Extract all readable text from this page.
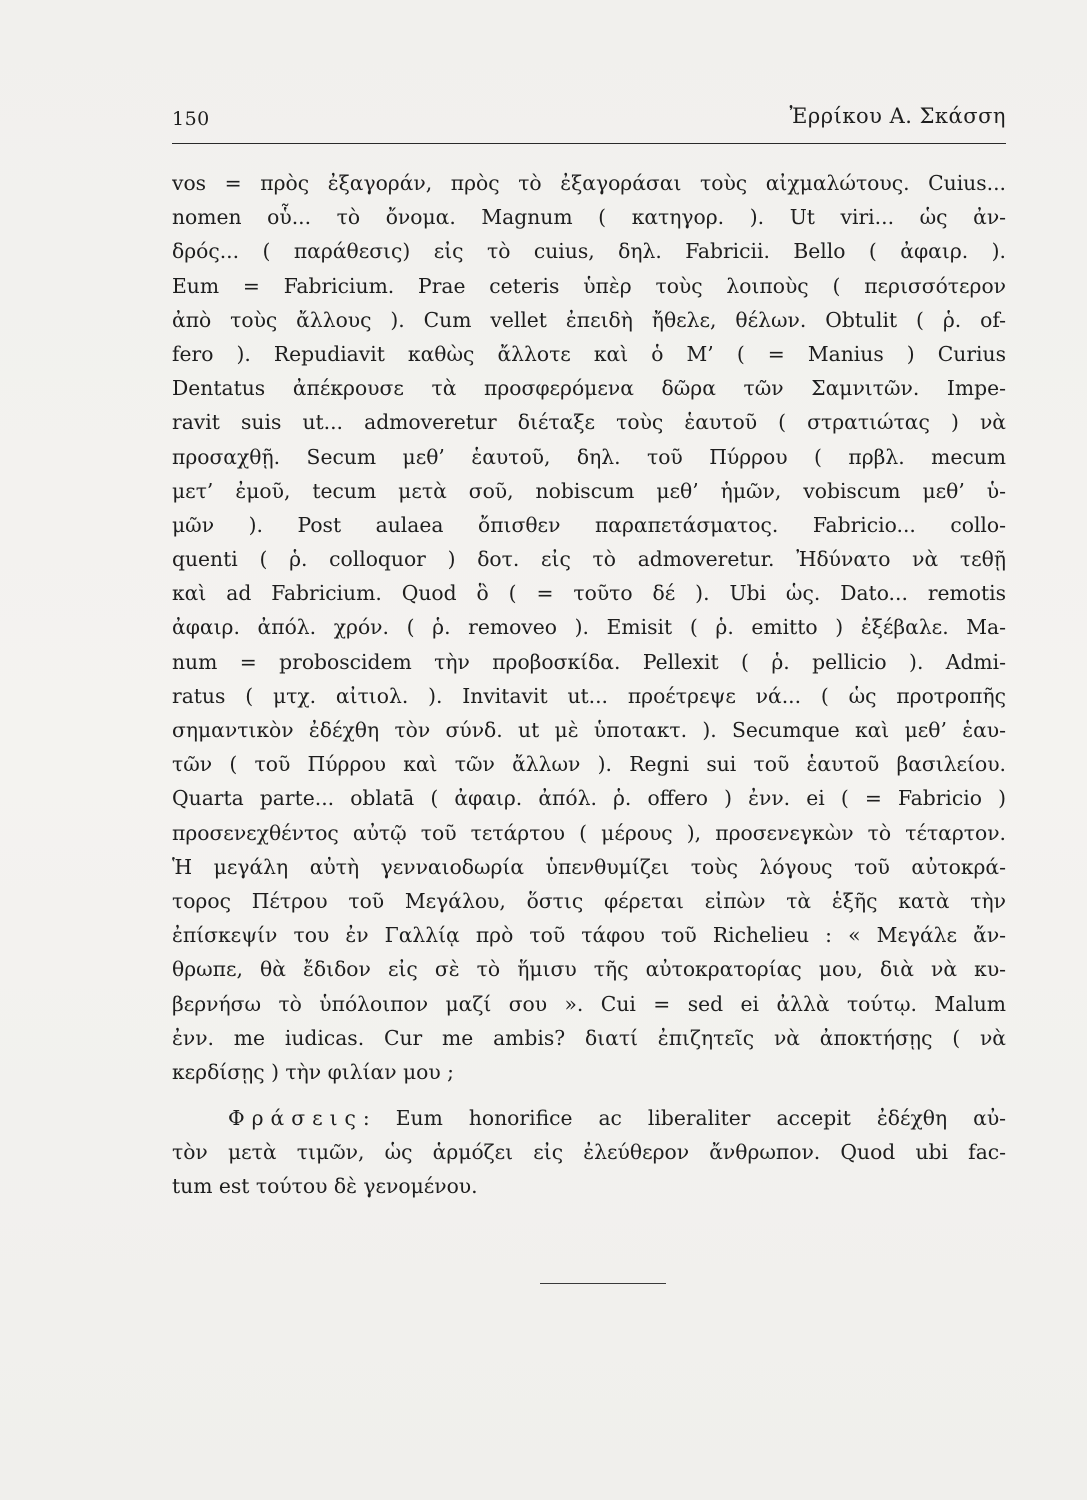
150	Ἐρρίκου Α. Σκάσση
vos = πρὸς ἐξαγοράν, πρὸς τὸ ἐξαγοράσαι τοὺς αἰχμαλώτους. Cuius...
nomen οὗ... τὸ ὄνομα. Magnum ( κατηγορ. ). Ut viri... ὡς ἀν-
δρός... ( παράθεσις) εἰς τὸ cuius, δηλ. Fabricii. Bello ( ἀφαιρ. ).
Eum = Fabricium. Prae ceteris ὑπὲρ τοὺς λοιποὺς ( περισσότερον
ἀπὸ τοὺς ἄλλους ). Cum vellet ἐπειδὴ ἤθελε, θέλων. Obtulit ( ῥ. of-
fero ). Repudiavit καθὼς ἄλλοτε καὶ ὁ M’ ( = Manius ) Curius
Dentatus ἀπέκρουσε τὰ προσφερόμενα δῶρα τῶν Σαμνιτῶν. Impe-
ravit suis ut... admoveretur διέταξε τοὺς ἑαυτοῦ ( στρατιώτας ) νὰ
προσαχθῇ. Secum μεθ’ ἑαυτοῦ, δηλ. τοῦ Πύρρου ( πρβλ. mecum
μετ’ ἐμοῦ, tecum μετὰ σοῦ, nobiscum μεθ’ ἡμῶν, vobiscum μεθ’ ὑ-
μῶν ). Post aulaea ὄπισθεν παραπετάσματος. Fabricio... collo-
quenti ( ῥ. colloquor ) δοτ. εἰς τὸ admoveretur. Ἠδύνατο νὰ τεθῇ
καὶ ad Fabricium. Quod ὃ ( = τοῦτο δέ ). Ubi ὡς. Dato... remotis
ἀφαιρ. ἀπόλ. χρόν. ( ῥ. removeo ). Emisit ( ῥ. emitto ) ἐξέβαλε. Ma-
num = proboscidem τὴν προβοσκίδα. Pellexit ( ῥ. pellicio ). Admi-
ratus ( μτχ. αἰτιολ. ). Invitavit ut... προέτρεψε νά... ( ὡς προτροπῆς
σημαντικὸν ἐδέχθη τὸν σύνδ. ut μὲ ὑποτακτ. ). Secumque καὶ μεθ’ ἑαυ-
τῶν ( τοῦ Πύρρου καὶ τῶν ἄλλων ). Regni sui τοῦ ἑαυτοῦ βασιλείου.
Quarta parte... oblatā ( ἀφαιρ. ἀπόλ. ῥ. offero ) ἐνν. ei ( = Fabricio )
προσενεχθέντος αὐτῷ τοῦ τετάρτου ( μέρους ), προσενεγκὼν τὸ τέταρτον.
Ἡ μεγάλη αὐτὴ γενναιοδωρία ὑπενθυμίζει τοὺς λόγους τοῦ αὐτοκρά-
τορος Πέτρου τοῦ Μεγάλου, ὅστις φέρεται εἰπὼν τὰ ἑξῆς κατὰ τὴν
ἐπίσκεψίν του ἐν Γαλλίᾳ πρὸ τοῦ τάφου τοῦ Richelieu : « Μεγάλε ἄν-
θρωπε, θὰ ἔδιδον εἰς σὲ τὸ ἥμισυ τῆς αὐτοκρατορίας μου, διὰ νὰ κυ-
βερνήσω τὸ ὑπόλοιπον μαζί σου ». Cui = sed ei ἀλλὰ τούτῳ. Malum
ἐνν. me iudicas. Cur me ambis? διατί ἐπιζητεῖς νὰ ἀποκτήσῃς ( νὰ
κερδίσῃς ) τὴν φιλίαν μου ;
Φράσεις: Eum honorifice ac liberaliter accepit ἐδέχθη αὐ-
τὸν μετὰ τιμῶν, ὡς ἁρμόζει εἰς ἐλεύθερον ἄνθρωπον. Quod ubi fac-
tum est τούτου δὲ γενομένου.
